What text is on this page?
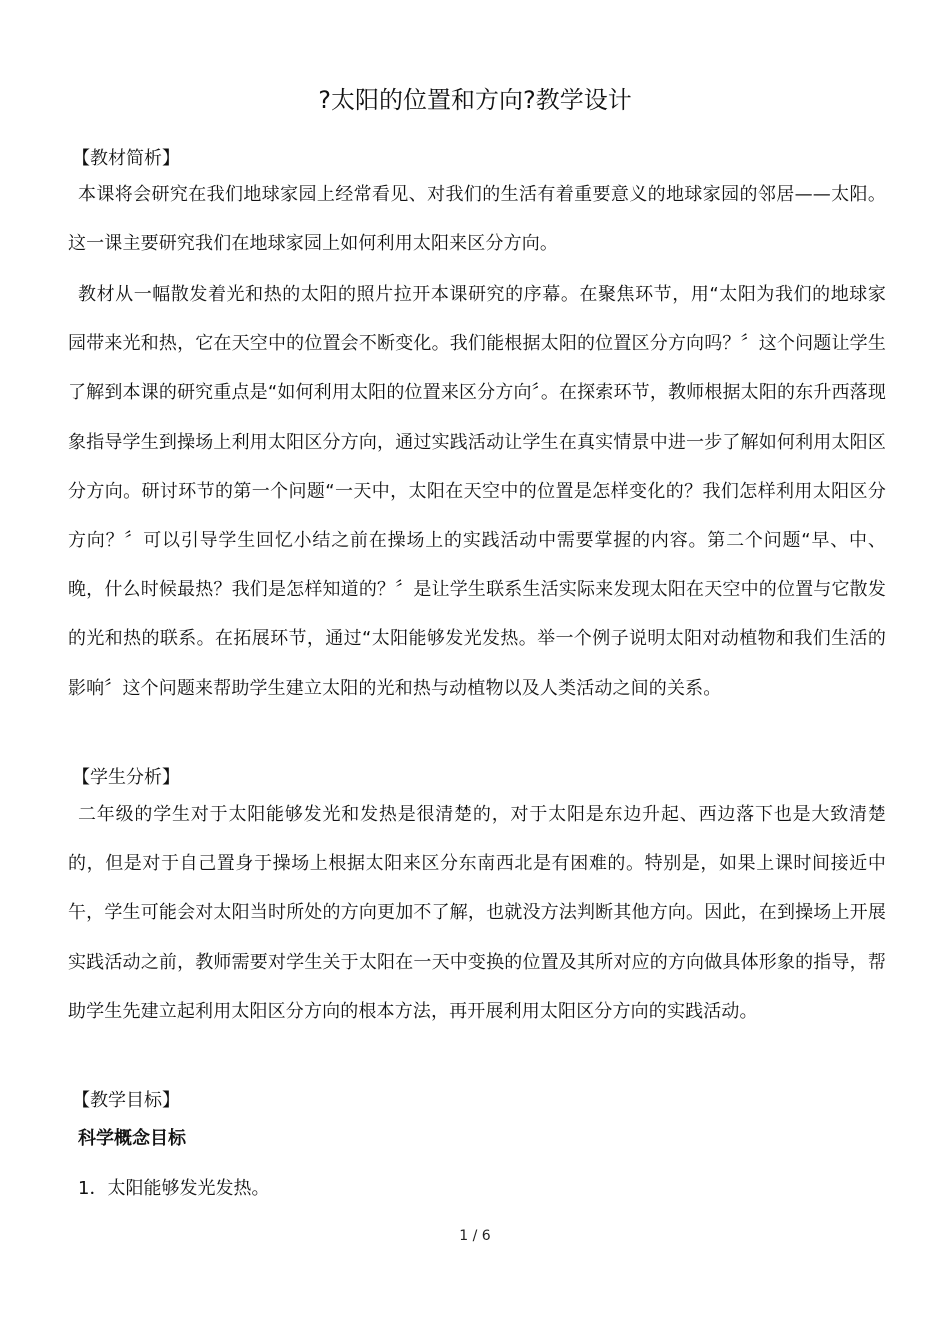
?太阳的位置和方向?教学设计

【教材简析】

本课将会研究在我们地球家园上经常看见、对我们的生活有着重要意义的地球家园的邻居——太阳。这一课主要研究我们在地球家园上如何利用太阳来区分方向。

教材从一幅散发着光和热的太阳的照片拉开本课研究的序幕。在聚焦环节，用“太阳为我们的地球家园带来光和热，它在天空中的位置会不断变化。我们能根据太阳的位置区分方向吗？〞这个问题让学生了解到本课的研究重点是“如何利用太阳的位置来区分方向〞。在探索环节，教师根据太阳的东升西落现象指导学生到操场上利用太阳区分方向，通过实践活动让学生在真实情景中进一步了解如何利用太阳区分方向。研讨环节的第一个问题“一天中，太阳在天空中的位置是怎样变化的？我们怎样利用太阳区分方向？〞可以引导学生回忆小结之前在操场上的实践活动中需要掌握的内容。第二个问题“早、中、晚，什么时候最热？我们是怎样知道的？〞是让学生联系生活实际来发现太阳在天空中的位置与它散发的光和热的联系。在拓展环节，通过“太阳能够发光发热。举一个例子说明太阳对动植物和我们生活的影响〞这个问题来帮助学生建立太阳的光和热与动植物以及人类活动之间的关系。

【学生分析】

二年级的学生对于太阳能够发光和发热是很清楚的，对于太阳是东边升起、西边落下也是大致清楚的，但是对于自己置身于操场上根据太阳来区分东南西北是有困难的。特别是，如果上课时间接近中午，学生可能会对太阳当时所处的方向更加不了解，也就没方法判断其他方向。因此，在到操场上开展实践活动之前，教师需要对学生关于太阳在一天中变换的位置及其所对应的方向做具体形象的指导，帮助学生先建立起利用太阳区分方向的根本方法，再开展利用太阳区分方向的实践活动。

【教学目标】

科学概念目标

1．太阳能够发光发热。

1 / 6
